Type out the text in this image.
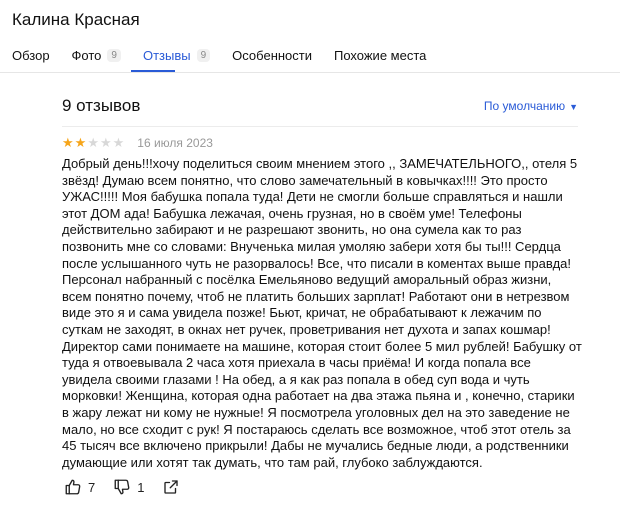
Калина Красная
Обзор Фото	9	Отзывы	9	Особенности Похожие места
9 отзывов	По умолчанию ▼
★ ★ ★ ★ ★ 16 июля 2023
Добрый день!!!хочу поделиться своим мнением этого ,, ЗАМЕЧАТЕЛЬНОГО,, отеля 5 звёзд! Думаю всем понятно, что слово замечательный в ковычках!!!! Это просто УЖАС!!!!! Моя бабушка попала туда! Дети не смогли больше справляться и нашли этот ДОМ ада! Бабушка лежачая, очень грузная, но в своём уме! Телефоны действительно забирают и не разрешают звонить, но она сумела как то раз позвонить мне со словами: Внученька милая умоляю забери хотя бы ты!!! Сердца после услышанного чуть не разорвалось! Все, что писали в коментах выше правда! Персонал набранный с посёлка Емельяново ведущий аморальный образ жизни, всем понятно почему, чтоб не платить больших зарплат! Работают они в нетрезвом виде это я и сама увидела позже! Бьют, кричат, не обрабатывают к лежачим по суткам не заходят, в окнах нет ручек, проветривания нет духота и запах кошмар! Директор сами понимаете на машине, которая стоит более 5 мил рублей! Бабушку от туда я отвоевывала 2 часа хотя приехала в часы приёма! И когда попала все увидела своими глазами ! На обед, а я как раз попала в обед суп вода и чуть морковки! Женщина, которая одна работает на два этажа пьяна и , конечно, старики в жару лежат ни кому не нужные! Я посмотрела уголовных дел на это заведение не мало, но все сходит с рук! Я постараюсь сделать все возможное, чтоб этот отель за 45 тысяч все включено прикрыли! Дабы не мучались бедные люди, а родственники думающие или хотят так думать, что там рай, глубоко заблуждаются.
7	1
